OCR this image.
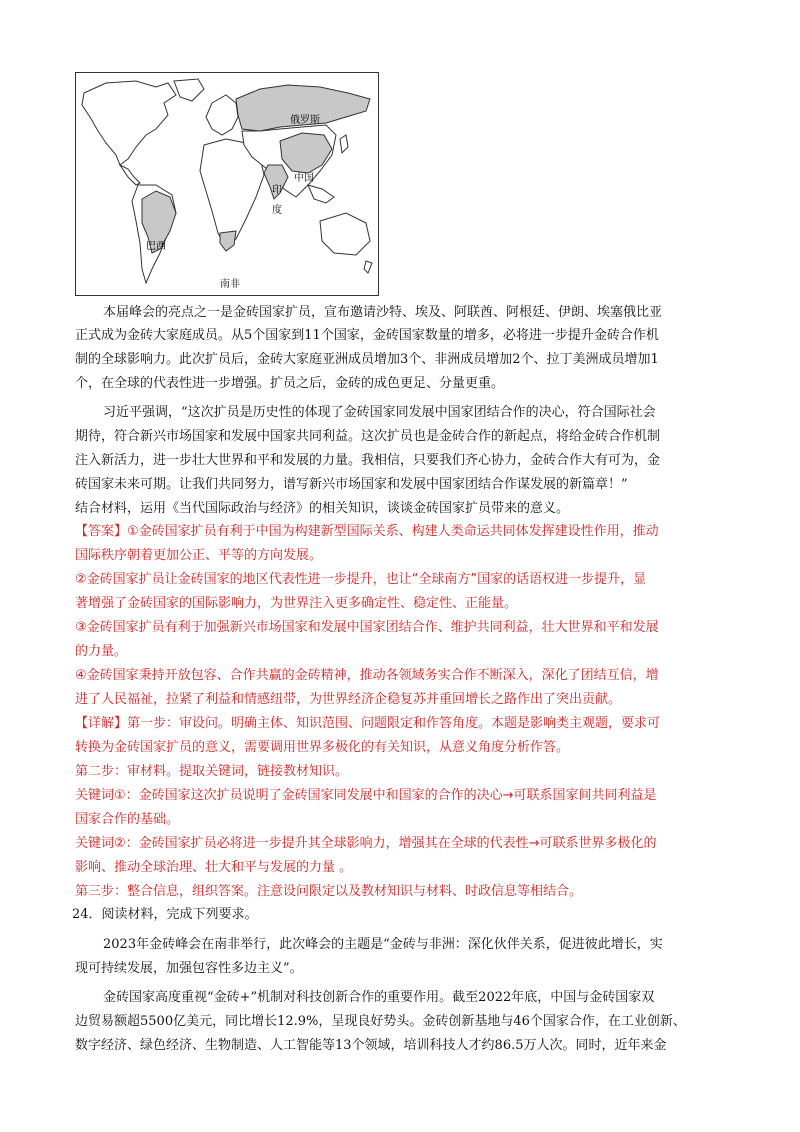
俄罗斯
中国
印
度
巴西
南非
本届峰会的亮点之一是金砖国家扩员，宣布邀请沙特、埃及、阿联酋、阿根廷、伊朗、埃塞俄比亚
正式成为金砖大家庭成员。从5个国家到11个国家，金砖国家数量的增多，必将进一步提升金砖合作机
制的全球影响力。此次扩员后，金砖大家庭亚洲成员增加3个、非洲成员增加2个、拉丁美洲成员增加1
个，在全球的代表性进一步增强。扩员之后，金砖的成色更足、分量更重。
习近平强调，“这次扩员是历史性的体现了金砖国家同发展中国家团结合作的决心，符合国际社会
期待，符合新兴市场国家和发展中国家共同利益。这次扩员也是金砖合作的新起点，将给金砖合作机制
注入新活力，进一步壮大世界和平和发展的力量。我相信，只要我们齐心协力，金砖合作大有可为，金
砖国家未来可期。让我们共同努力，谱写新兴市场国家和发展中国家团结合作谋发展的新篇章！”
结合材料，运用《当代国际政治与经济》的相关知识，谈谈金砖国家扩员带来的意义。
【答案】①金砖国家扩员有利于中国为构建新型国际关系、构建人类命运共同体发挥建设性作用，推动
国际秩序朝着更加公正、平等的方向发展。
②金砖国家扩员让金砖国家的地区代表性进一步提升，也让“全球南方”国家的话语权进一步提升，显
著增强了金砖国家的国际影响力，为世界注入更多确定性、稳定性、正能量。
③金砖国家扩员有利于加强新兴市场国家和发展中国家团结合作、维护共同利益，壮大世界和平和发展
的力量。
④金砖国家秉持开放包容、合作共赢的金砖精神，推动各领域务实合作不断深入，深化了团结互信，增
进了人民福祉，拉紧了利益和情感纽带，为世界经济企稳复苏并重回增长之路作出了突出贡献。
【详解】第一步：审设问。明确主体、知识范围、问题限定和作答角度。本题是影响类主观题，要求可
转换为金砖国家扩员的意义，需要调用世界多极化的有关知识，从意义角度分析作答。
第二步：审材料。提取关键词，链接教材知识。
关键词①：金砖国家这次扩员说明了金砖国家同发展中和国家的合作的决心→可联系国家间共同利益是
国家合作的基础。
关键词②：金砖国家扩员必将进一步提升其全球影响力，增强其在全球的代表性→可联系世界多极化的
影响、推动全球治理、壮大和平与发展的力量 。
第三步：整合信息，组织答案。注意设问限定以及教材知识与材料、时政信息等相结合。
24．阅读材料，完成下列要求。
2023年金砖峰会在南非举行，此次峰会的主题是“金砖与非洲：深化伙伴关系，促进彼此增长，实
现可持续发展，加强包容性多边主义”。
金砖国家高度重视“金砖+”机制对科技创新合作的重要作用。截至2022年底，中国与金砖国家双
边贸易额超5500亿美元，同比增长12.9%，呈现良好势头。金砖创新基地与46个国家合作，在工业创新、
数字经济、绿色经济、生物制造、人工智能等13个领域，培训科技人才约86.5万人次。同时，近年来金
